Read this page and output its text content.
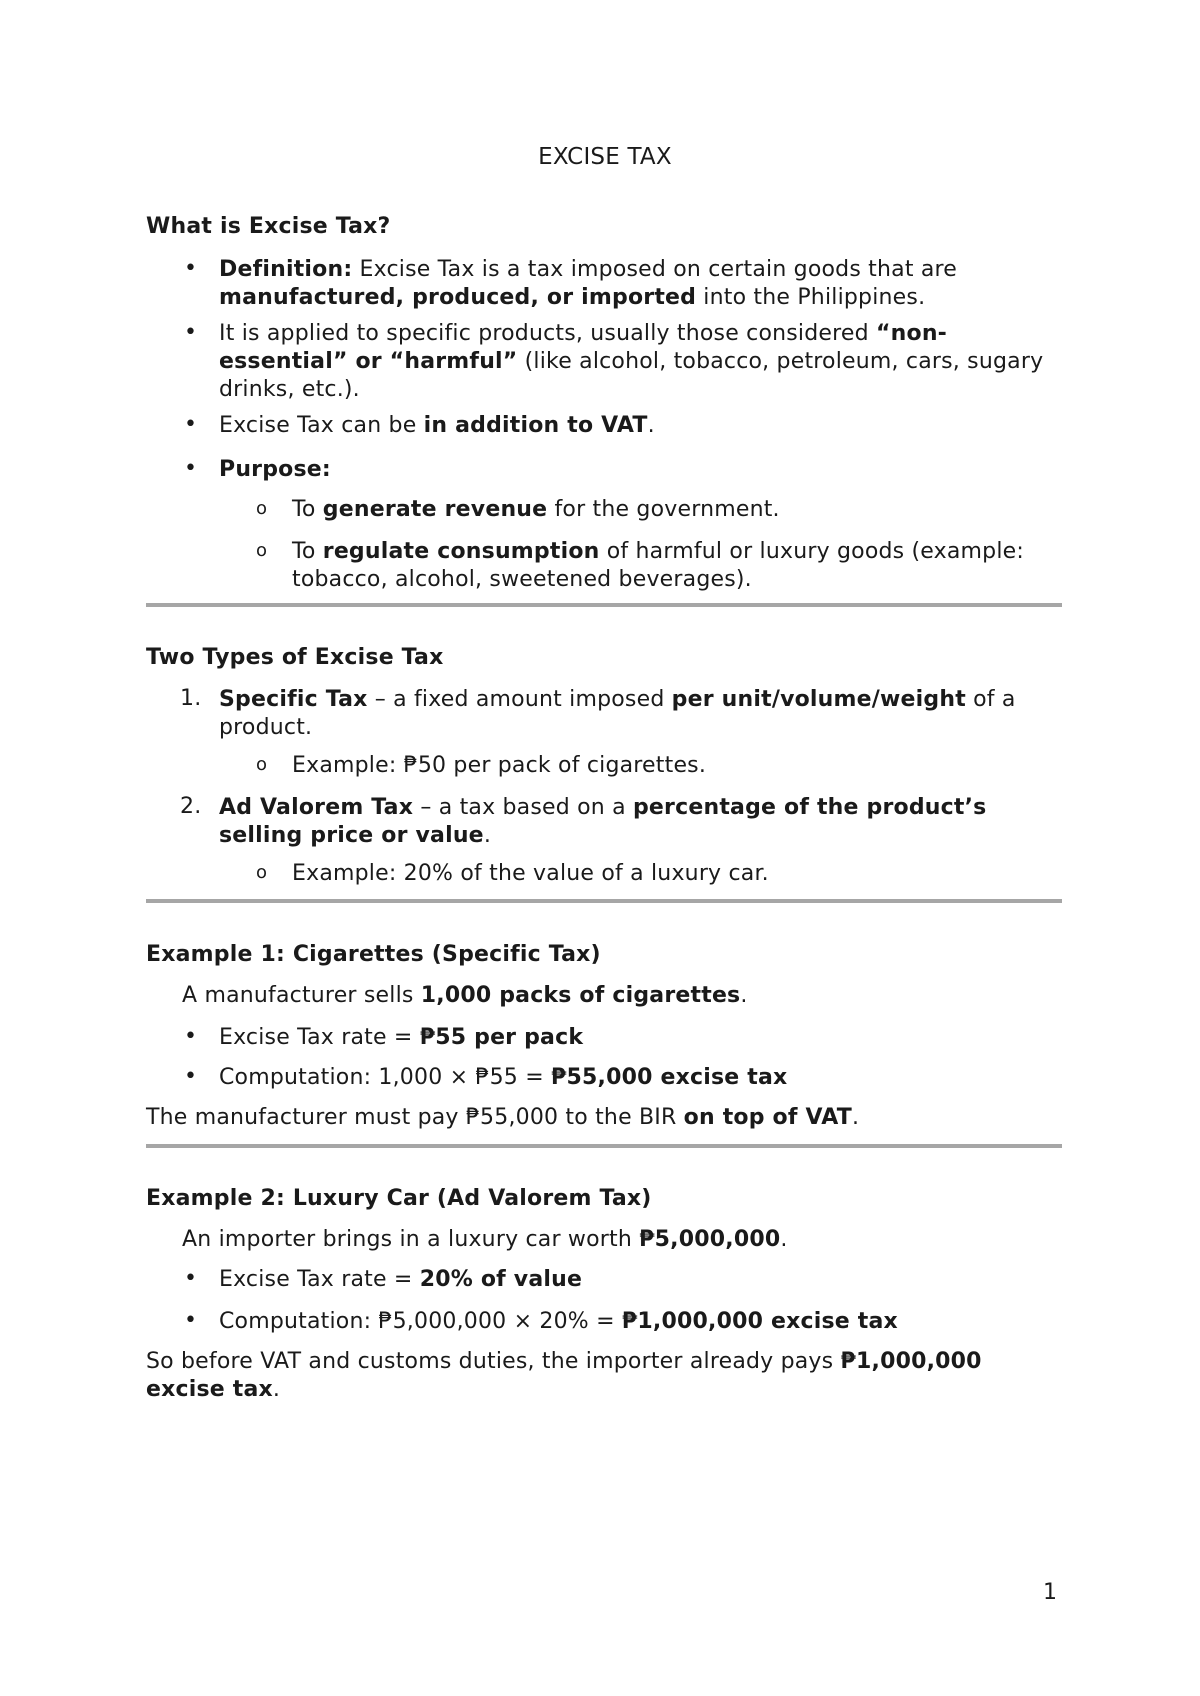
EXCISE TAX
What is Excise Tax?
• Definition: Excise Tax is a tax imposed on certain goods that are manufactured, produced, or imported into the Philippines.

• It is applied to specific products, usually those considered “non-essential” or “harmful” (like alcohol, tobacco, petroleum, cars, sugary drinks, etc.).

• Excise Tax can be in addition to VAT.

• Purpose:

o To generate revenue for the government.

o To regulate consumption of harmful or luxury goods (example: tobacco, alcohol, sweetened beverages).

Two Types of Excise Tax
1. Specific Tax – a fixed amount imposed per unit/volume/weight of a product.

o Example: ₱50 per pack of cigarettes.

2. Ad Valorem Tax – a tax based on a percentage of the product’s selling price or value.

o Example: 20% of the value of a luxury car.

Example 1: Cigarettes (Specific Tax)

A manufacturer sells 1,000 packs of cigarettes.

• Excise Tax rate = ₱55 per pack

• Computation: 1,000 × ₱55 = ₱55,000 excise tax

The manufacturer must pay ₱55,000 to the BIR on top of VAT.

Example 2: Luxury Car (Ad Valorem Tax)

An importer brings in a luxury car worth ₱5,000,000.

• Excise Tax rate = 20% of value

• Computation: ₱5,000,000 × 20% = ₱1,000,000 excise tax

So before VAT and customs duties, the importer already pays ₱1,000,000 excise tax.

1
